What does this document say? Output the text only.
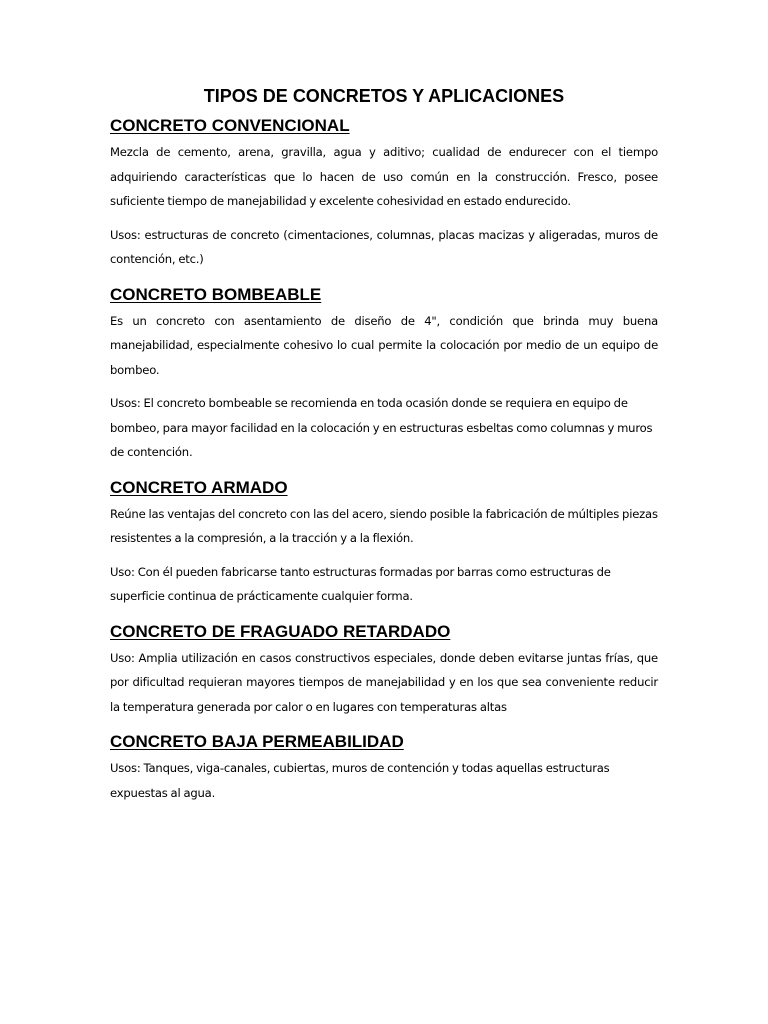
TIPOS DE CONCRETOS Y APLICACIONES
CONCRETO CONVENCIONAL

Mezcla de cemento, arena, gravilla, agua y aditivo; cualidad de endurecer con el tiempo adquiriendo características que lo hacen de uso común en la construcción. Fresco, posee suficiente tiempo de manejabilidad y excelente cohesividad en estado endurecido.

Usos: estructuras de concreto (cimentaciones, columnas, placas macizas y aligeradas, muros de contención, etc.)

CONCRETO BOMBEABLE

Es un concreto con asentamiento de diseño de 4", condición que brinda muy buena manejabilidad, especialmente cohesivo lo cual permite la colocación por medio de un equipo de bombeo.

Usos: El concreto bombeable se recomienda en toda ocasión donde se requiera en equipo de bombeo, para mayor facilidad en la colocación y en estructuras esbeltas como columnas y muros de contención.

CONCRETO ARMADO

Reúne las ventajas del concreto con las del acero, siendo posible la fabricación de múltiples piezas resistentes a la compresión, a la tracción y a la flexión.

Uso: Con él pueden fabricarse tanto estructuras formadas por barras como estructuras de superficie continua de prácticamente cualquier forma.

CONCRETO DE FRAGUADO RETARDADO

Uso: Amplia utilización en casos constructivos especiales, donde deben evitarse juntas frías, que por dificultad requieran mayores tiempos de manejabilidad y en los que sea conveniente reducir la temperatura generada por calor o en lugares con temperaturas altas

CONCRETO BAJA PERMEABILIDAD

Usos: Tanques, viga-canales, cubiertas, muros de contención y todas aquellas estructuras expuestas al agua.
